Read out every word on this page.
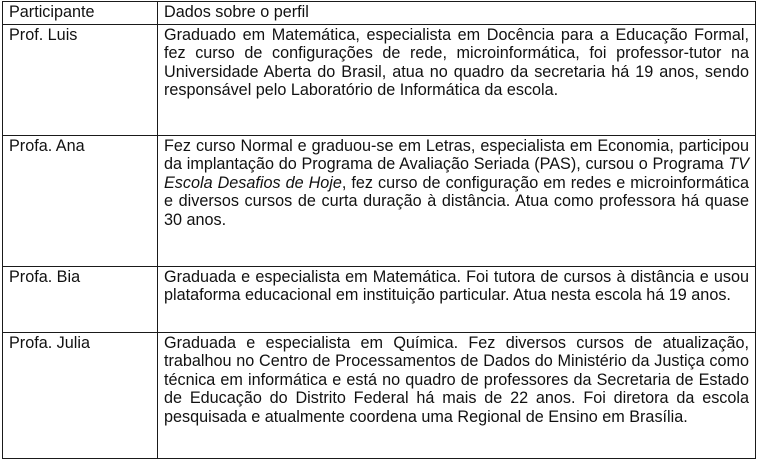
Participante	Dados sobre o perfil
Prof. Luis	Graduado em Matemática, especialista em Docência para a Educação Formal, fez curso de configurações de rede, microinformática, foi professor-tutor na Universidade Aberta do Brasil, atua no quadro da secretaria há 19 anos, sendo responsável pelo Laboratório de Informática da escola.
Profa. Ana	Fez curso Normal e graduou-se em Letras, especialista em Economia, participou da implantação do Programa de Avaliação Seriada (PAS), cursou o Programa TV Escola Desafios de Hoje, fez curso de configuração em redes e microinformática e diversos cursos de curta duração à distância. Atua como professora há quase 30 anos.
Profa. Bia	Graduada e especialista em Matemática. Foi tutora de cursos à distância e usou plataforma educacional em instituição particular. Atua nesta escola há 19 anos.
Profa. Julia	Graduada e especialista em Química. Fez diversos cursos de atualização, trabalhou no Centro de Processamentos de Dados do Ministério da Justiça como técnica em informática e está no quadro de professores da Secretaria de Estado de Educação do Distrito Federal há mais de 22 anos. Foi diretora da escola pesquisada e atualmente coordena uma Regional de Ensino em Brasília.
